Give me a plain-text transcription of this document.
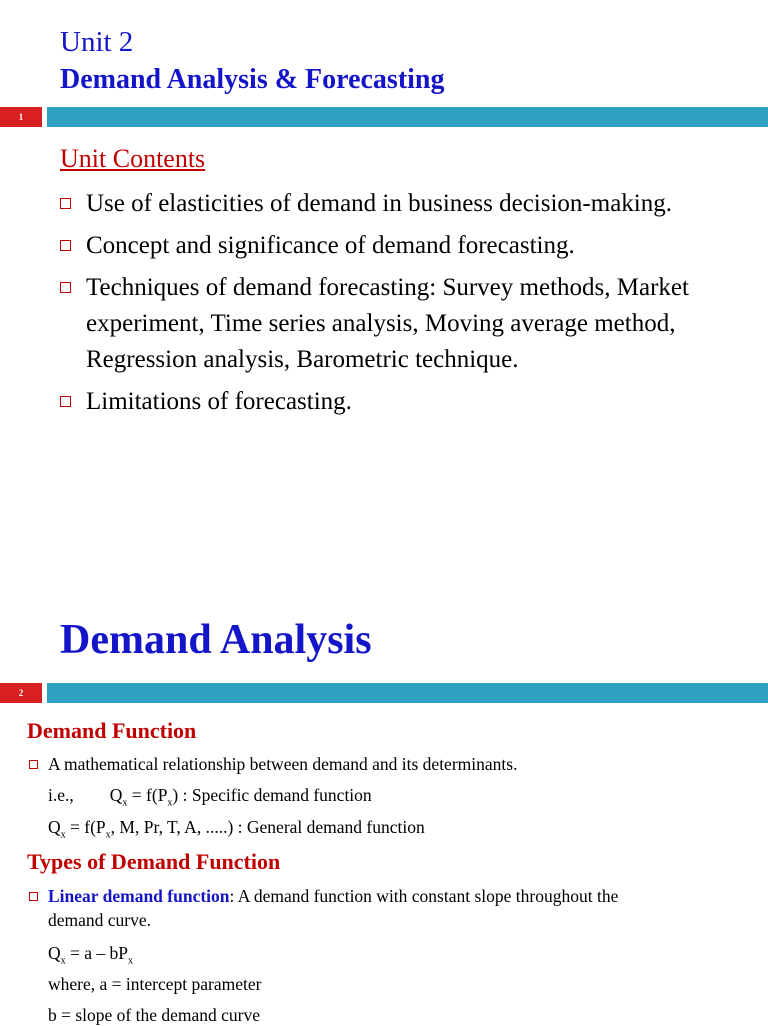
Unit 2
Demand Analysis & Forecasting
1
Unit Contents
Use of elasticities of demand in business decision-making.
Concept and significance of demand forecasting.
Techniques of demand forecasting: Survey methods, Market experiment, Time series analysis, Moving average method, Regression analysis, Barometric technique.
Limitations of forecasting.
Demand Analysis
2
Demand Function
A mathematical relationship between demand and its determinants.
i.e., $Q_x = f(P_x)$ : Specific demand function
$Q_x = f(P_x$, M, Pr, T, A, .....) : General demand function
Types of Demand Function
Linear demand function: A demand function with constant slope throughout the
demand curve.
$Q_x = a - bP_x$
where, a = intercept parameter
b = slope of the demand curve
